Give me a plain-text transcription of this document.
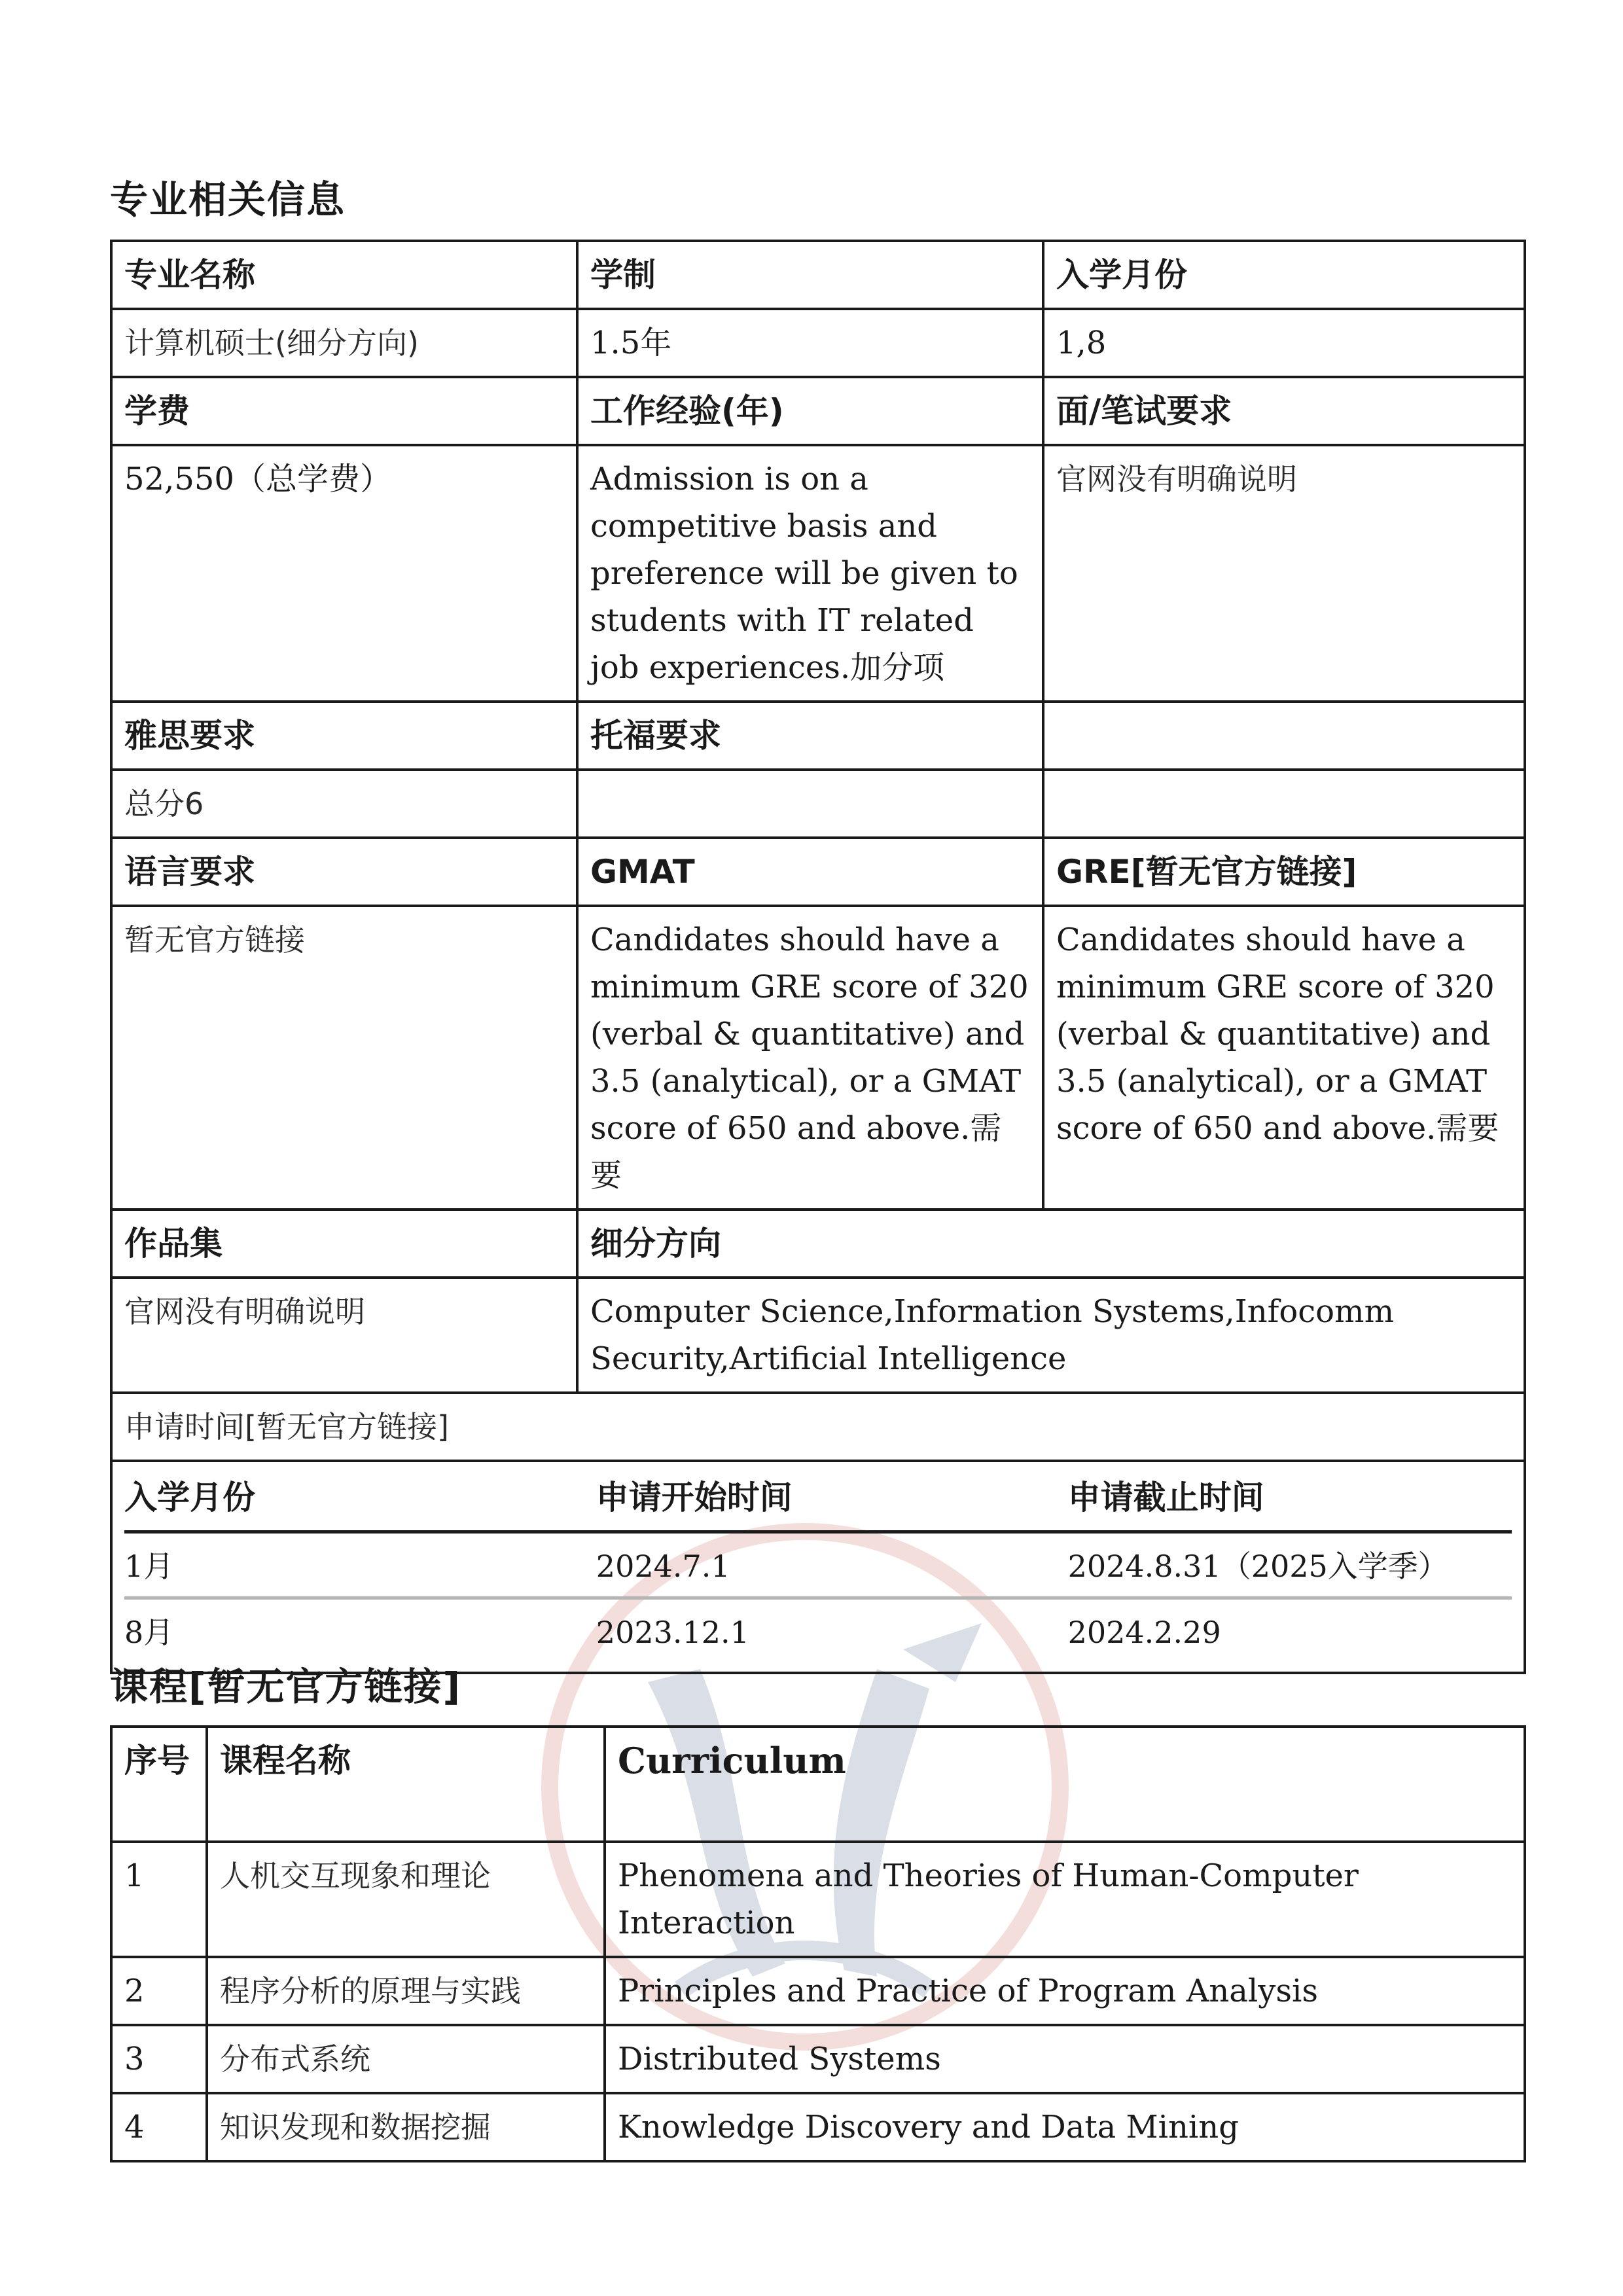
专业相关信息
专业名称	学制	入学月份
计算机硕士(细分方向)	1.5年	1,8
学费	工作经验(年)	面/笔试要求
52,550（总学费）	Admission is on a competitive basis and preference will be given to students with IT related job experiences.加分项	官网没有明确说明
雅思要求	托福要求	
总分6		
语言要求	GMAT	GRE[暂无官方链接]
暂无官方链接	Candidates should have a minimum GRE score of 320 (verbal & quantitative) and 3.5 (analytical), or a GMAT score of 650 and above.需要	Candidates should have a minimum GRE score of 320 (verbal & quantitative) and 3.5 (analytical), or a GMAT score of 650 and above.需要
作品集	细分方向
官网没有明确说明	Computer Science,Information Systems,Infocomm Security,Artificial Intelligence
申请时间[暂无官方链接]

入学月份	申请开始时间	申请截止时间
1月	2024.7.1	2024.8.31（2025入学季）
8月	2023.12.1	2024.2.29
课程[暂无官方链接]
序号	课程名称	Curriculum
1	人机交互现象和理论	Phenomena and Theories of Human-Computer Interaction
2	程序分析的原理与实践	Principles and Practice of Program Analysis
3	分布式系统	Distributed Systems
4	知识发现和数据挖掘	Knowledge Discovery and Data Mining
